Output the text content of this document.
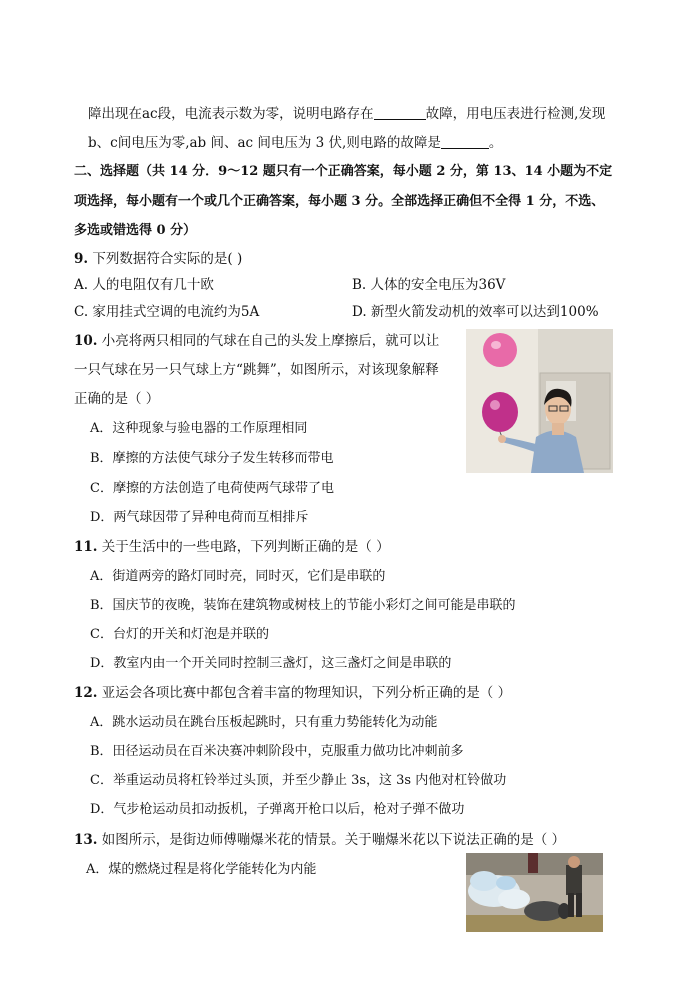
障出现在ac段，电流表示数为零，说明电路存在	故障，用电压表进行检测,发现
b、c间电压为零,ab 间、ac 间电压为 3 伏,则电路的故障是	。
二、选择题（共 14 分．9～12 题只有一个正确答案，每小题 2 分，第 13、14 小题为不定
项选择，每小题有一个或几个正确答案，每小题 3 分。全部选择正确但不全得 1 分，不选、
多选或错选得 0 分）
9. 下列数据符合实际的是( )
A. 人的电阻仅有几十欧	B. 人体的安全电压为36V
C. 家用挂式空调的电流约为5A	D. 新型火箭发动机的效率可以达到100%
10. 小亮将两只相同的气球在自己的头发上摩擦后，就可以让
一只气球在另一只气球上方“跳舞”，如图所示，对该现象解释
正确的是（ ）
A．这种现象与验电器的工作原理相同
B．摩擦的方法使气球分子发生转移而带电
C．摩擦的方法创造了电荷使两气球带了电
D．两气球因带了异种电荷而互相排斥
11. 关于生活中的一些电路，下列判断正确的是（ ）
A．街道两旁的路灯同时亮，同时灭，它们是串联的
B．国庆节的夜晚，装饰在建筑物或树枝上的节能小彩灯之间可能是串联的
C．台灯的开关和灯泡是并联的
D．教室内由一个开关同时控制三盏灯，这三盏灯之间是串联的
12. 亚运会各项比赛中都包含着丰富的物理知识，下列分析正确的是（ ）
A．跳水运动员在跳台压板起跳时，只有重力势能转化为动能
B．田径运动员在百米决赛冲刺阶段中，克服重力做功比冲刺前多
C．举重运动员将杠铃举过头顶，并至少静止 3s，这 3s 内他对杠铃做功
D．气步枪运动员扣动扳机，子弹离开枪口以后，枪对子弹不做功
13. 如图所示，是街边师傅嘣爆米花的情景。关于嘣爆米花以下说法正确的是（ ）
A．煤的燃烧过程是将化学能转化为内能
